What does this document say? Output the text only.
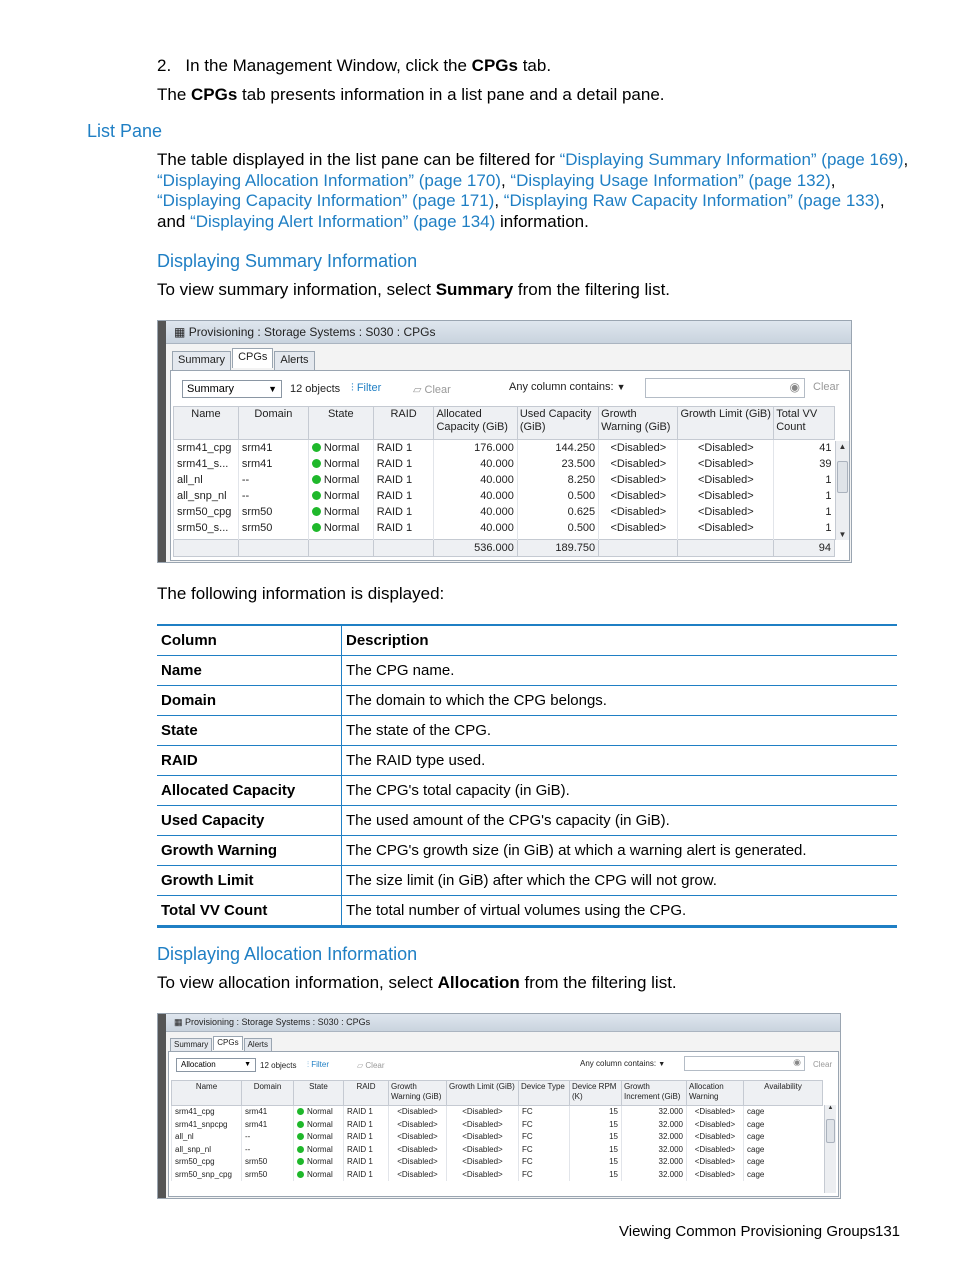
2. In the Management Window, click the CPGs tab.
The CPGs tab presents information in a list pane and a detail pane.
List Pane
The table displayed in the list pane can be filtered for “Displaying Summary Information” (page 169),
“Displaying Allocation Information” (page 170), “Displaying Usage Information” (page 132),
“Displaying Capacity Information” (page 171), “Displaying Raw Capacity Information” (page 133),
and “Displaying Alert Information” (page 134) information.
Displaying Summary Information
To view summary information, select Summary from the filtering list.
▦ Provisioning : Storage Systems : S030 : CPGs
Summary	CPGs	Alerts
Summary	▼ 12 objects ⫶ Filter	▱ Clear	Any column contains: ▼	◉ Clear
Name	Domain	State	RAID	Allocated Capacity (GiB)	Used Capacity (GiB)	Growth Warning (GiB)	Growth Limit (GiB)	Total VV Count
srm41_cpg	srm41	Normal	RAID 1	176.000	144.250	<Disabled>	<Disabled>	41
srm41_s...	srm41	Normal	RAID 1	40.000	23.500	<Disabled>	<Disabled>	39
all_nl	--	Normal	RAID 1	40.000	8.250	<Disabled>	<Disabled>	1
all_snp_nl	--	Normal	RAID 1	40.000	0.500	<Disabled>	<Disabled>	1
srm50_cpg	srm50	Normal	RAID 1	40.000	0.625	<Disabled>	<Disabled>	1
srm50_s...	srm50	Normal	RAID 1	40.000	0.500	<Disabled>	<Disabled>	1

				536.000	189.750			94
▲
▼
The following information is displayed:
Column	Description
Name	The CPG name.
Domain	The domain to which the CPG belongs.
State	The state of the CPG.
RAID	The RAID type used.
Allocated Capacity	The CPG's total capacity (in GiB).
Used Capacity	The used amount of the CPG's capacity (in GiB).
Growth Warning	The CPG's growth size (in GiB) at which a warning alert is generated.
Growth Limit	The size limit (in GiB) after which the CPG will not grow.
Total VV Count	The total number of virtual volumes using the CPG.
Displaying Allocation Information
To view allocation information, select Allocation from the filtering list.
▦ Provisioning : Storage Systems : S030 : CPGs
Summary	CPGs	Alerts
Allocation	▼ 12 objects ⫶ Filter	▱ Clear	Any column contains: ▼	◉ Clear
Name	Domain	State	RAID	Growth Warning (GiB)	Growth Limit (GiB)	Device Type	Device RPM (K)	Growth Increment (GiB)	Allocation Warning	Availability
srm41_cpg	srm41	Normal	RAID 1	<Disabled>	<Disabled>	FC	15	32.000	<Disabled>	cage
srm41_snpcpg	srm41	Normal	RAID 1	<Disabled>	<Disabled>	FC	15	32.000	<Disabled>	cage
all_nl	--	Normal	RAID 1	<Disabled>	<Disabled>	FC	15	32.000	<Disabled>	cage
all_snp_nl	--	Normal	RAID 1	<Disabled>	<Disabled>	FC	15	32.000	<Disabled>	cage
srm50_cpg	srm50	Normal	RAID 1	<Disabled>	<Disabled>	FC	15	32.000	<Disabled>	cage
srm50_snp_cpg	srm50	Normal	RAID 1	<Disabled>	<Disabled>	FC	15	32.000	<Disabled>	cage
▲
Viewing Common Provisioning Groups 131
